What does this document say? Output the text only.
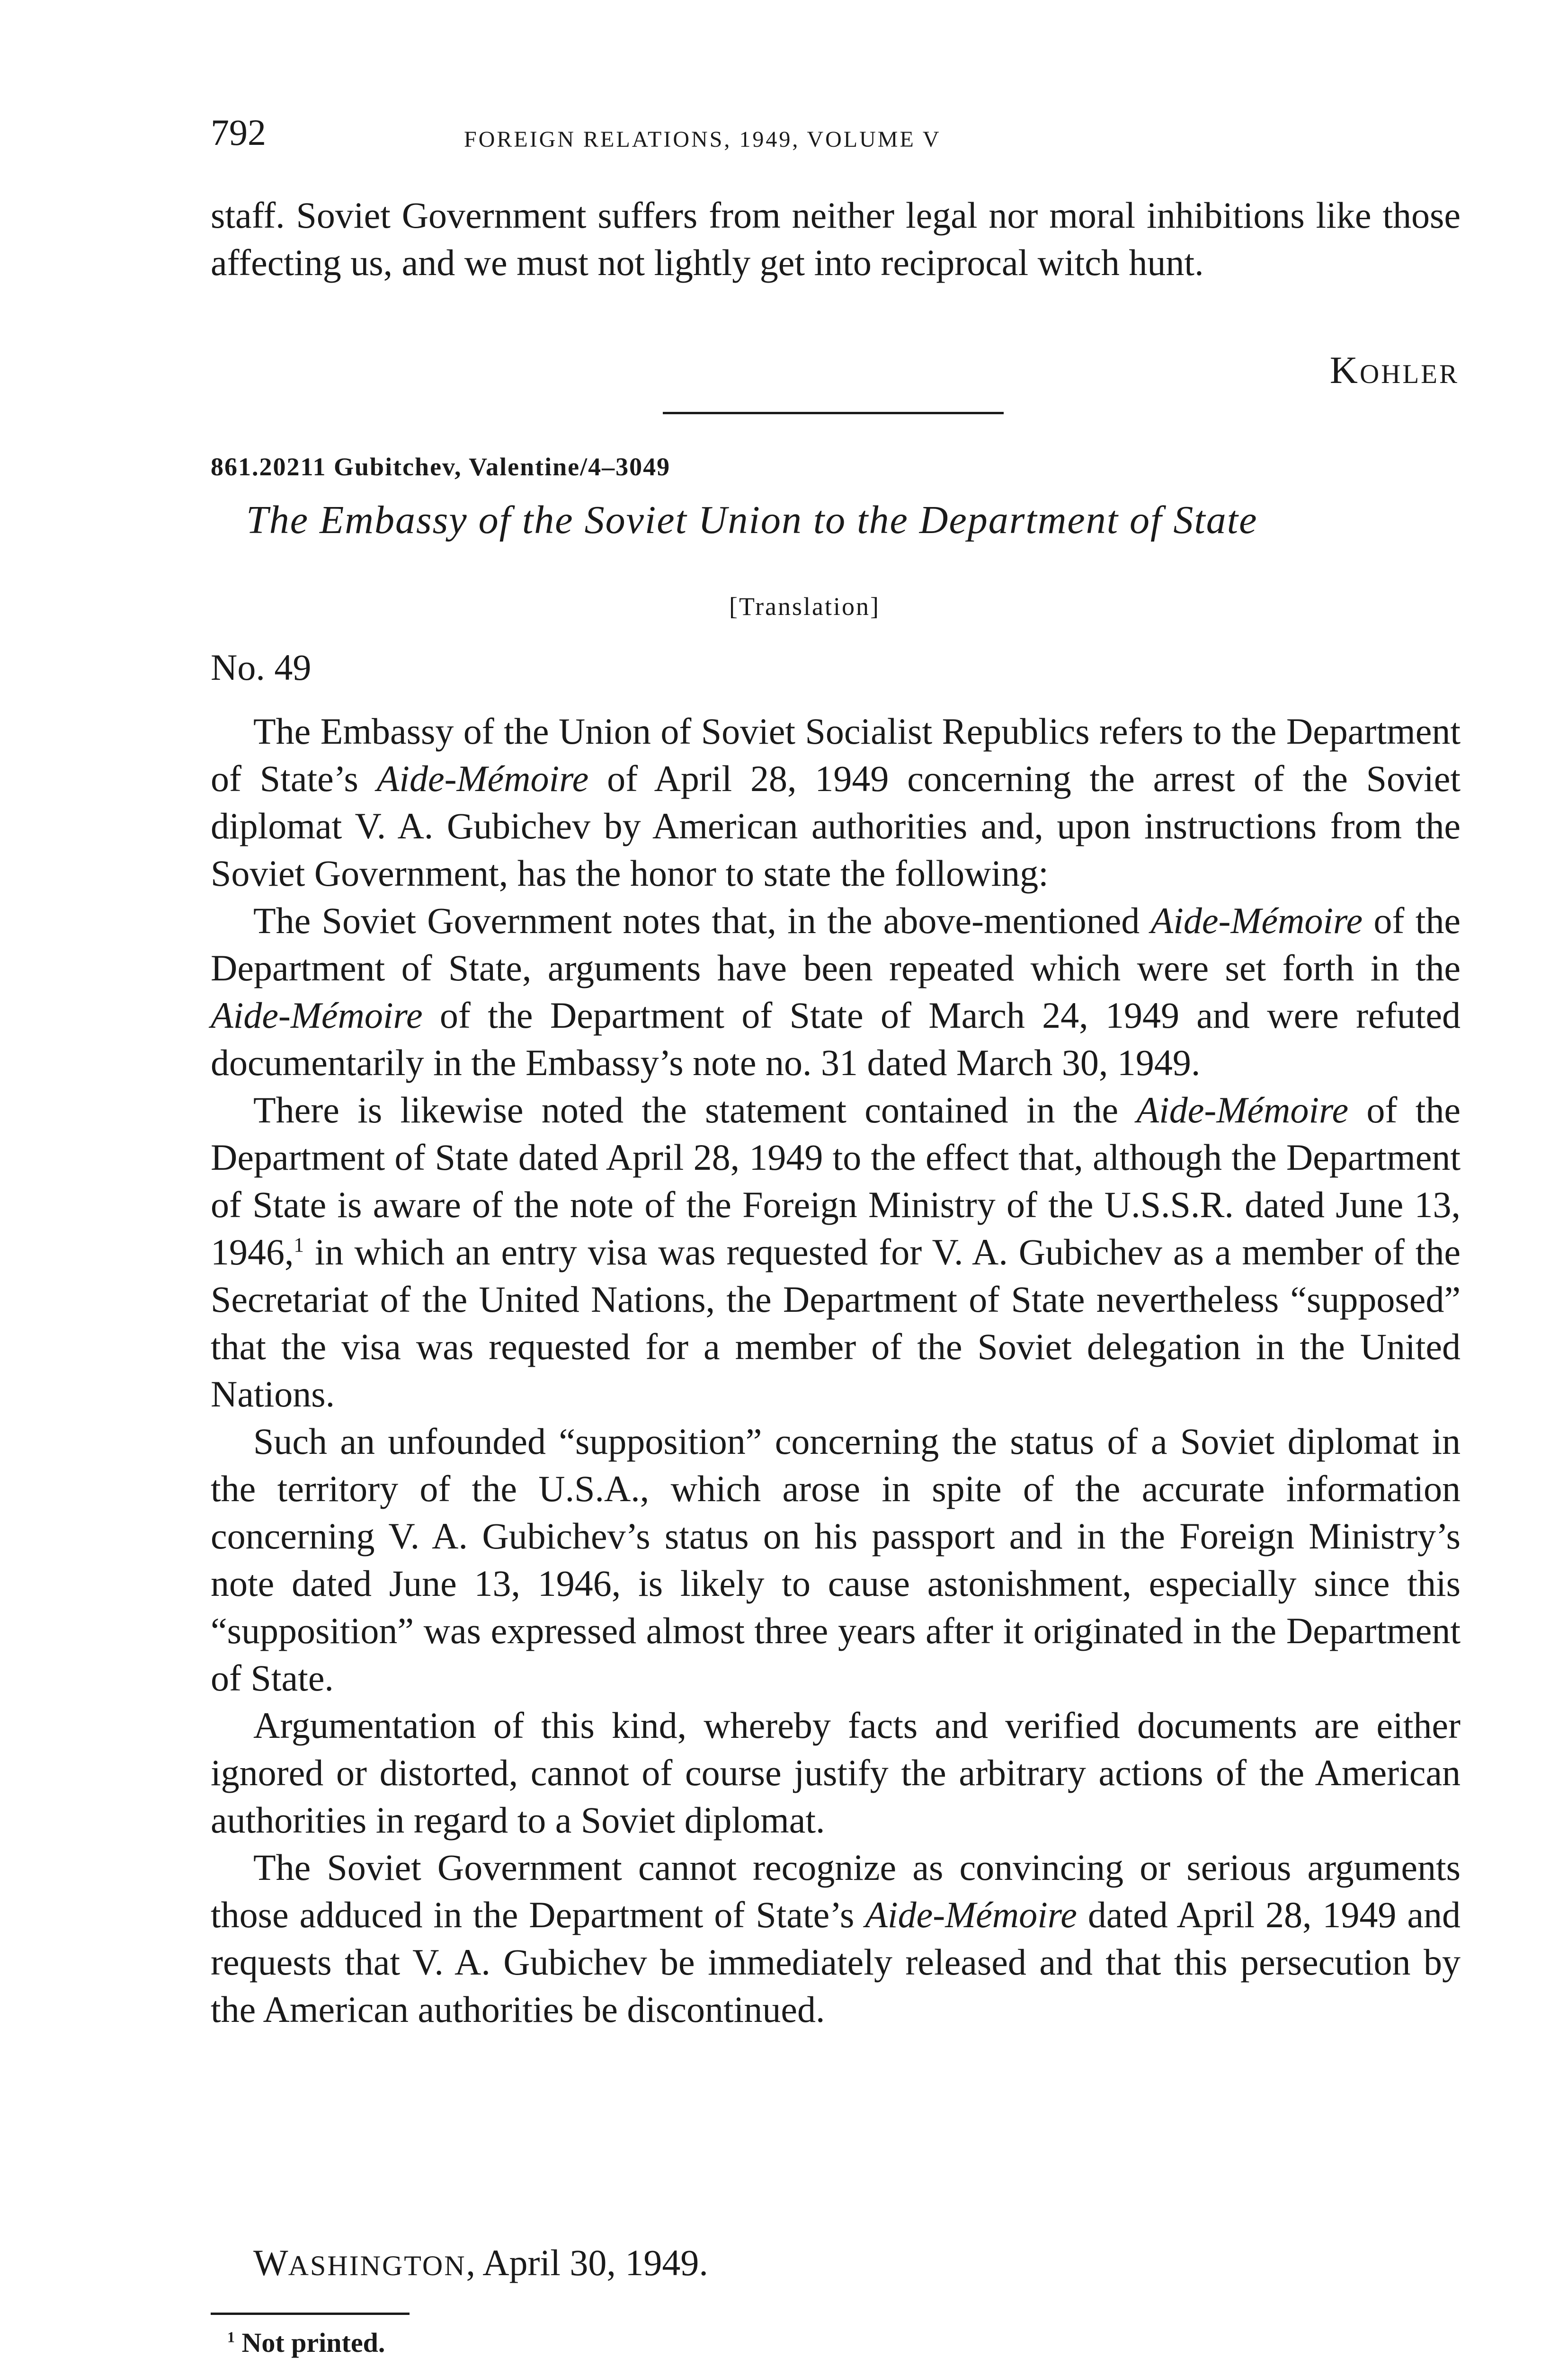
792	FOREIGN RELATIONS, 1949, VOLUME V

staff. Soviet Government suffers from neither legal nor moral inhibitions like those affecting us, and we must not lightly get into reciprocal witch hunt.

Kohler
861.20211 Gubitchev, Valentine/4–3049
The Embassy of the Soviet Union to the Department of State
[Translation]
No. 49

The Embassy of the Union of Soviet Socialist Republics refers to the Department of State’s Aide-Mémoire of April 28, 1949 concerning the arrest of the Soviet diplomat V. A. Gubichev by American authorities and, upon instructions from the Soviet Government, has the honor to state the following:

The Soviet Government notes that, in the above-mentioned Aide-Mémoire of the Department of State, arguments have been repeated which were set forth in the Aide-Mémoire of the Department of State of March 24, 1949 and were refuted documentarily in the Embassy’s note no. 31 dated March 30, 1949.

There is likewise noted the statement contained in the Aide-Mémoire of the Department of State dated April 28, 1949 to the effect that, although the Department of State is aware of the note of the Foreign Ministry of the U.S.S.R. dated June 13, 1946,$^1$ in which an entry visa was requested for V. A. Gubichev as a member of the Secretariat of the United Nations, the Department of State nevertheless “supposed” that the visa was requested for a member of the Soviet delegation in the United Nations.

Such an unfounded “supposition” concerning the status of a Soviet diplomat in the territory of the U.S.A., which arose in spite of the accurate information concerning V. A. Gubichev’s status on his passport and in the Foreign Ministry’s note dated June 13, 1946, is likely to cause astonishment, especially since this “supposition” was expressed almost three years after it originated in the Department of State.

Argumentation of this kind, whereby facts and verified documents are either ignored or distorted, cannot of course justify the arbitrary actions of the American authorities in regard to a Soviet diplomat.

The Soviet Government cannot recognize as convincing or serious arguments those adduced in the Department of State’s Aide-Mémoire dated April 28, 1949 and requests that V. A. Gubichev be immediately released and that this persecution by the American authorities be discontinued.

WASHINGTON, April 30, 1949.
$^1$ Not printed.
